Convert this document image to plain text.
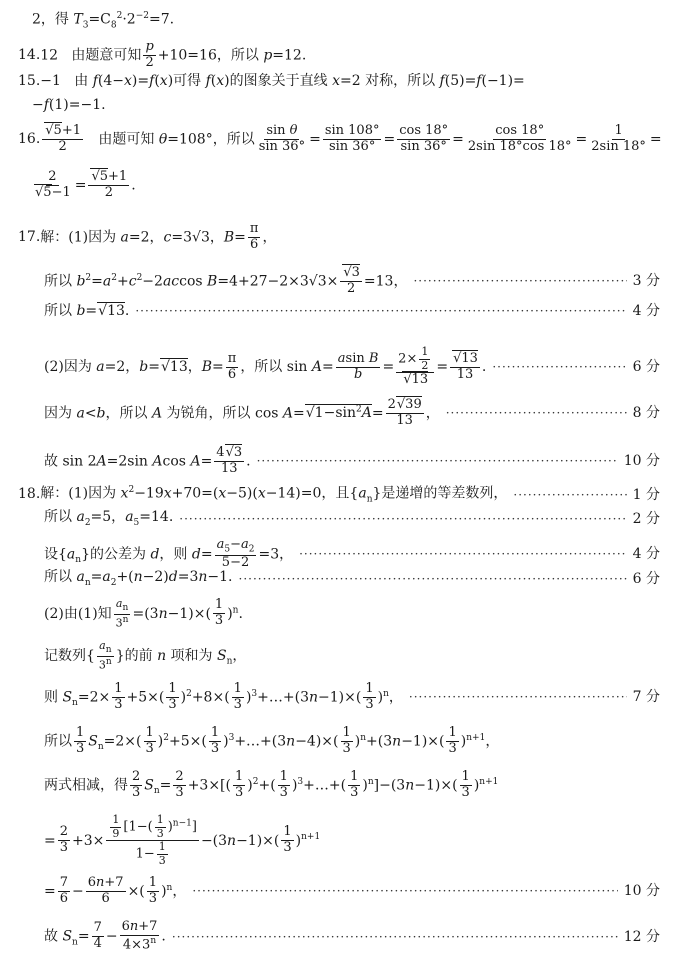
2，得 $T_3=C_8^2\cdot 2^{-2}=7$.
14.12   由题意可知 $\frac{p}{2} +10=16$，所以 p=12.
15.−1   由 f(4−x)=f(x)可得 f(x)的图象关于直线 x=2 对称，所以 f(5)=f(−1)=
−f(1)=−1.
16. $\frac{√5+1}{2}$ 由题可知 θ=108°，所以 $\frac{\text{sin θ}}{\sin 36^\circ} = \frac{\sin 108^\circ}{\sin 36^\circ} = \frac{\cos 18^\circ}{\sin 36^\circ} = \frac{\cos 18^\circ}{2\sin 18^\circ\cos 18^\circ} = \frac{1}{2\sin 18^\circ}$ =
$\frac{2}{√5-1} = \frac{√5+1}{2}$ .
17.解：(1)因为 a=2，c=3√3，$B= \frac{\pi}{6}$ ，
所以 $b^2=a^2+c^2-2accos$ $B=4+27-2\times 3√3\times \frac{√3}{2} =13$， ·····	3 分
所以 b=√13. ·····	4 分
(2)因为 a=2，b=√13，$B= \frac{\pi}{6}$ ，所以 $\sin A= \frac{\text{asin B}}{b} = \frac{2\times \frac{1}{2}}{√13} = \frac{√13}{13}$ . ·····	6 分
因为 a<b，所以 A 为锐角，所以 $\cos A=√1-\sin^2A= \frac{2√39}{13}$ ， ·····	8 分
故 sin 2A=2sin Acos $A= \frac{4√3}{13}$ . ·····	10 分
18.解：(1)因为 $x^2-19x+70=(x-5)(x-14)=0$，且$\{a_n\}$是递增的等差数列， ·····	1 分
所以 $a_2=5$，$a_5=14$. ·····	2 分
设$\{a_n\}$的公差为 d，则 $d= \frac{a_5-a_2}{5-2} =3$， ·····	4 分
所以 $a_n=a_2+(n-2)d=3n-1$. ·····	6 分
(2)由(1)知 $\frac{a_n}{3^n} =(3n-1)\times( \frac{1}{3} )^n$.
记数列{ $\frac{a_n}{3^n}$ }的前 n 项和为 $S_n$，
则 $S_n=2\times \frac{1}{3} +5\times( \frac{1}{3} )^2+8\times( \frac{1}{3}$ )$^3+\dots+(3n-1)\times( \frac{1}{3} )^n$， ·····	7 分
所以 $\frac{1}{3} S_n=2\times( \frac{1}{3} )^2+5\times( \frac{1}{3}$ )$^3+\dots+(3n-4)\times( \frac{1}{3} )^n+(3n-1)\times( \frac{1}{3} )^{n+1}$，
两式相减，得 $\frac{2}{3} S_n= \frac{2}{3} +3\times[( \frac{1}{3} )^2+( \frac{1}{3}$ )$^3+\dots+( \frac{1}{3} )^n]-(3n-1)\times( \frac{1}{3} )^{n+1}$
= $\frac{2}{3} +3\times \frac{\frac{1}{9} [1-( \frac{1}{3} )^{n-1}]}{1- \frac{1}{3}} -(3n-1)\times( \frac{1}{3} )^{n+1}$
= $\frac{7}{6} - \frac{6n+7}{6}$ ×( $\frac{1}{3} )^n$， ·····	10 分
故 $S_n= \frac{7}{4} - \frac{6n+7}{4\times 3^n}$ . ·····	12 分
